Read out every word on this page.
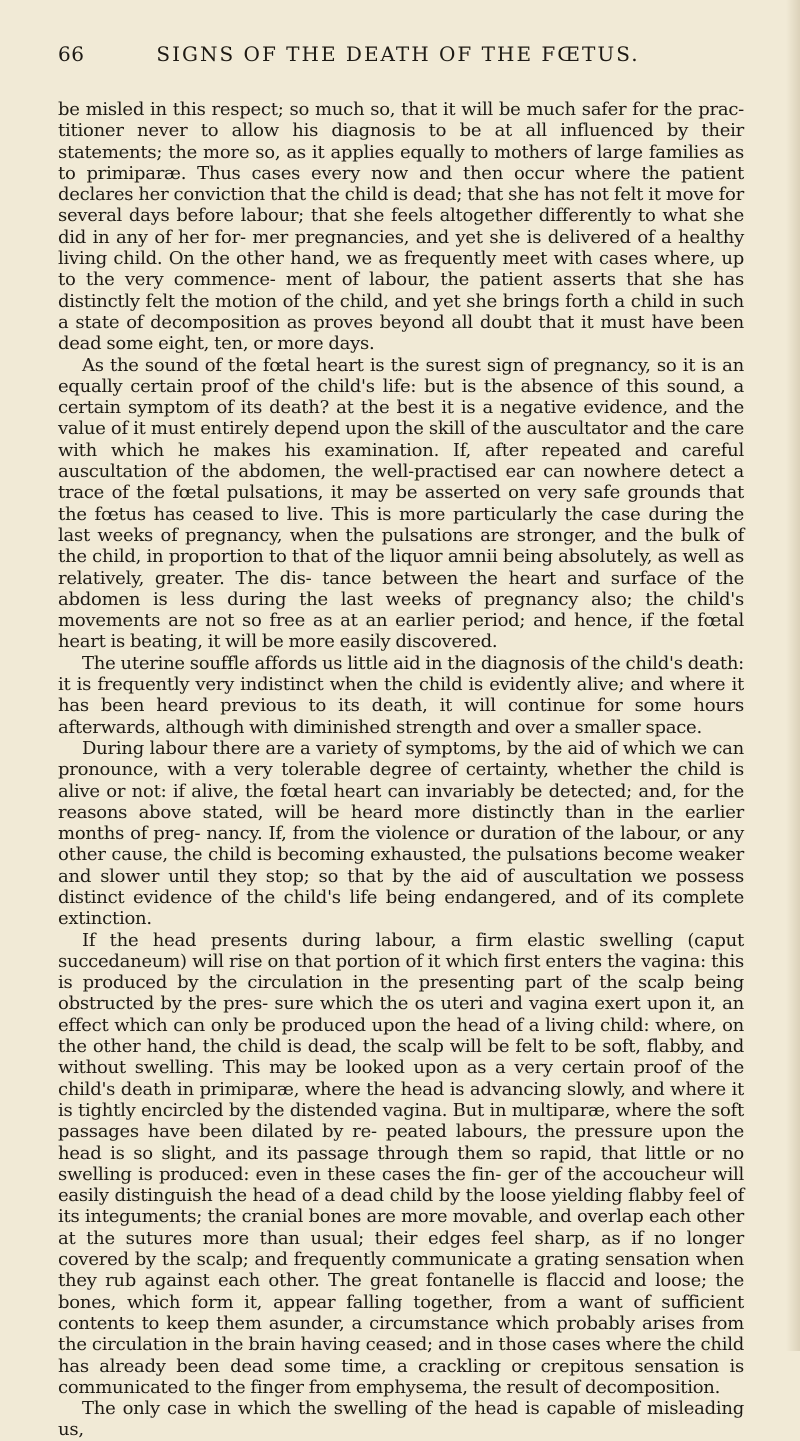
SIGNS OF THE DEATH OF THE FŒTUS.
66

be misled in this respect; so much so, that it will be much safer for the prac- titioner never to allow his diagnosis to be at all influenced by their statements; the more so, as it applies equally to mothers of large families as to primiparæ. Thus cases every now and then occur where the patient declares her conviction that the child is dead; that she has not felt it move for several days before labour; that she feels altogether differently to what she did in any of her for- mer pregnancies, and yet she is delivered of a healthy living child. On the other hand, we as frequently meet with cases where, up to the very commence- ment of labour, the patient asserts that she has distinctly felt the motion of the child, and yet she brings forth a child in such a state of decomposition as proves beyond all doubt that it must have been dead some eight, ten, or more days.

As the sound of the fœtal heart is the surest sign of pregnancy, so it is an equally certain proof of the child's life: but is the absence of this sound, a certain symptom of its death? at the best it is a negative evidence, and the value of it must entirely depend upon the skill of the auscultator and the care with which he makes his examination. If, after repeated and careful auscultation of the abdomen, the well-practised ear can nowhere detect a trace of the fœtal pulsations, it may be asserted on very safe grounds that the fœtus has ceased to live. This is more particularly the case during the last weeks of pregnancy, when the pulsations are stronger, and the bulk of the child, in proportion to that of the liquor amnii being absolutely, as well as relatively, greater. The dis- tance between the heart and surface of the abdomen is less during the last weeks of pregnancy also; the child's movements are not so free as at an earlier period; and hence, if the fœtal heart is beating, it will be more easily discovered.

The uterine souffle affords us little aid in the diagnosis of the child's death: it is frequently very indistinct when the child is evidently alive; and where it has been heard previous to its death, it will continue for some hours afterwards, although with diminished strength and over a smaller space.

During labour there are a variety of symptoms, by the aid of which we can pronounce, with a very tolerable degree of certainty, whether the child is alive or not: if alive, the fœtal heart can invariably be detected; and, for the reasons above stated, will be heard more distinctly than in the earlier months of preg- nancy. If, from the violence or duration of the labour, or any other cause, the child is becoming exhausted, the pulsations become weaker and slower until they stop; so that by the aid of auscultation we possess distinct evidence of the child's life being endangered, and of its complete extinction.

If the head presents during labour, a firm elastic swelling (caput succedaneum) will rise on that portion of it which first enters the vagina: this is produced by the circulation in the presenting part of the scalp being obstructed by the pres- sure which the os uteri and vagina exert upon it, an effect which can only be produced upon the head of a living child: where, on the other hand, the child is dead, the scalp will be felt to be soft, flabby, and without swelling. This may be looked upon as a very certain proof of the child's death in primiparæ, where the head is advancing slowly, and where it is tightly encircled by the distended vagina. But in multiparæ, where the soft passages have been dilated by re- peated labours, the pressure upon the head is so slight, and its passage through them so rapid, that little or no swelling is produced: even in these cases the fin- ger of the accoucheur will easily distinguish the head of a dead child by the loose yielding flabby feel of its integuments; the cranial bones are more movable, and overlap each other at the sutures more than usual; their edges feel sharp, as if no longer covered by the scalp; and frequently communicate a grating sensation when they rub against each other. The great fontanelle is flaccid and loose; the bones, which form it, appear falling together, from a want of sufficient contents to keep them asunder, a circumstance which probably arises from the circulation in the brain having ceased; and in those cases where the child has already been dead some time, a crackling or crepitous sensation is communicated to the finger from emphysema, the result of decomposition.

The only case in which the swelling of the head is capable of misleading us,
